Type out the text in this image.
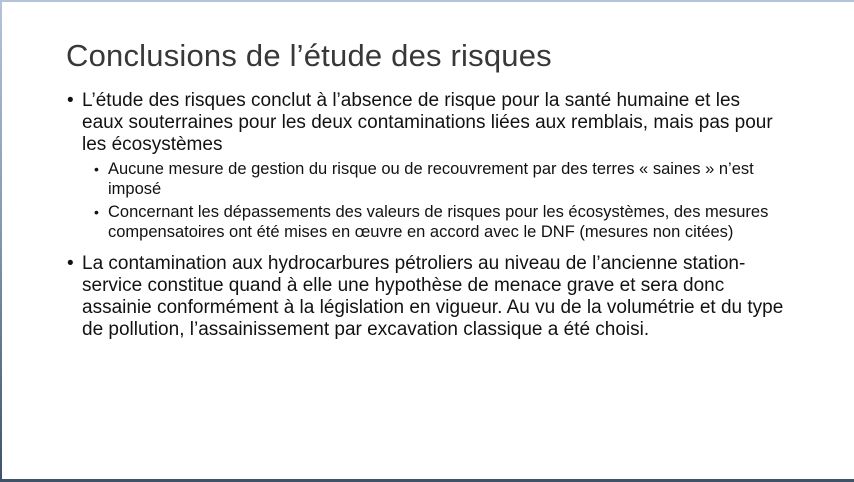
Conclusions de l’étude des risques
• L’étude des risques conclut à l’absence de risque pour la santé humaine et les eaux souterraines pour les deux contaminations liées aux remblais, mais pas pour les écosystèmes
• Aucune mesure de gestion du risque ou de recouvrement par des terres « saines » n’est imposé
• Concernant les dépassements des valeurs de risques pour les écosystèmes, des mesures compensatoires ont été mises en œuvre en accord avec le DNF (mesures non citées)
• La contamination aux hydrocarbures pétroliers au niveau de l’ancienne station-service constitue quand à elle une hypothèse de menace grave et sera donc assainie conformément à la législation en vigueur. Au vu de la volumétrie et du type de pollution, l’assainissement par excavation classique a été choisi.
